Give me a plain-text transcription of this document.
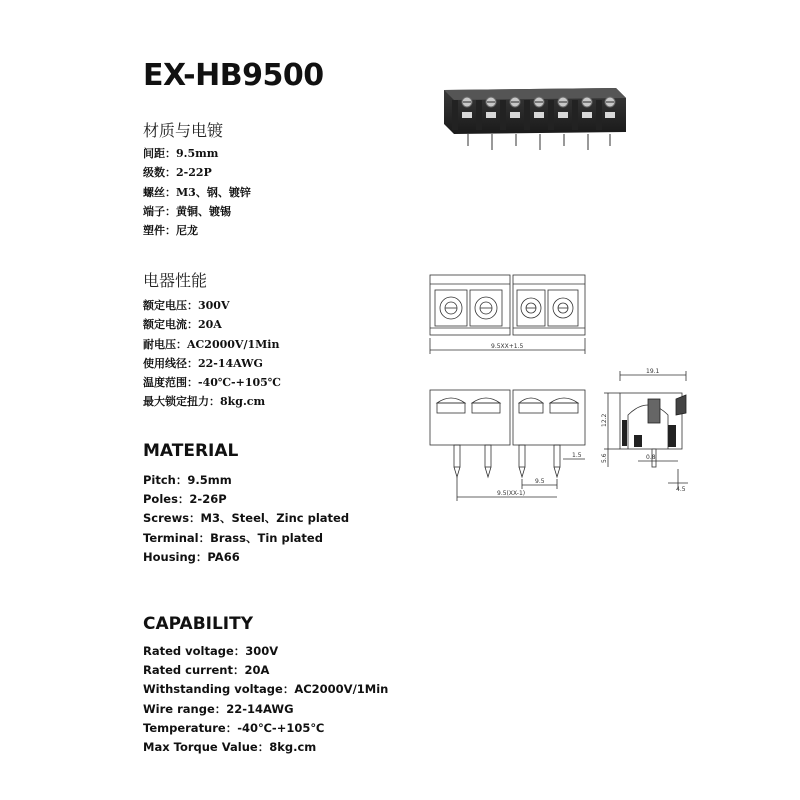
EX-HB9500
材质与电镀
间距：9.5mm
级数：2-22P
螺丝：M3、钢、镀锌
端子：黄铜、镀锡
塑件：尼龙
电器性能
额定电压：300V
额定电流：20A
耐电压：AC2000V/1Min
使用线径：22-14AWG
温度范围：-40℃-+105℃
最大锁定扭力：8kg.cm
MATERIAL
Pitch：9.5mm
Poles：2-26P
Screws：M3、Steel、Zinc plated
Terminal：Brass、Tin plated
Housing：PA66
CAPABILITY
Rated voltage：300V
Rated current：20A
Withstanding voltage：AC2000V/1Min
Wire range：22-14AWG
Temperature：-40℃-+105℃
Max Torque Value：8kg.cm
9.5XX+1.5
9.5
9.5(XX-1)
1.5
19.1
12.2
5.6	0.8
4.5
